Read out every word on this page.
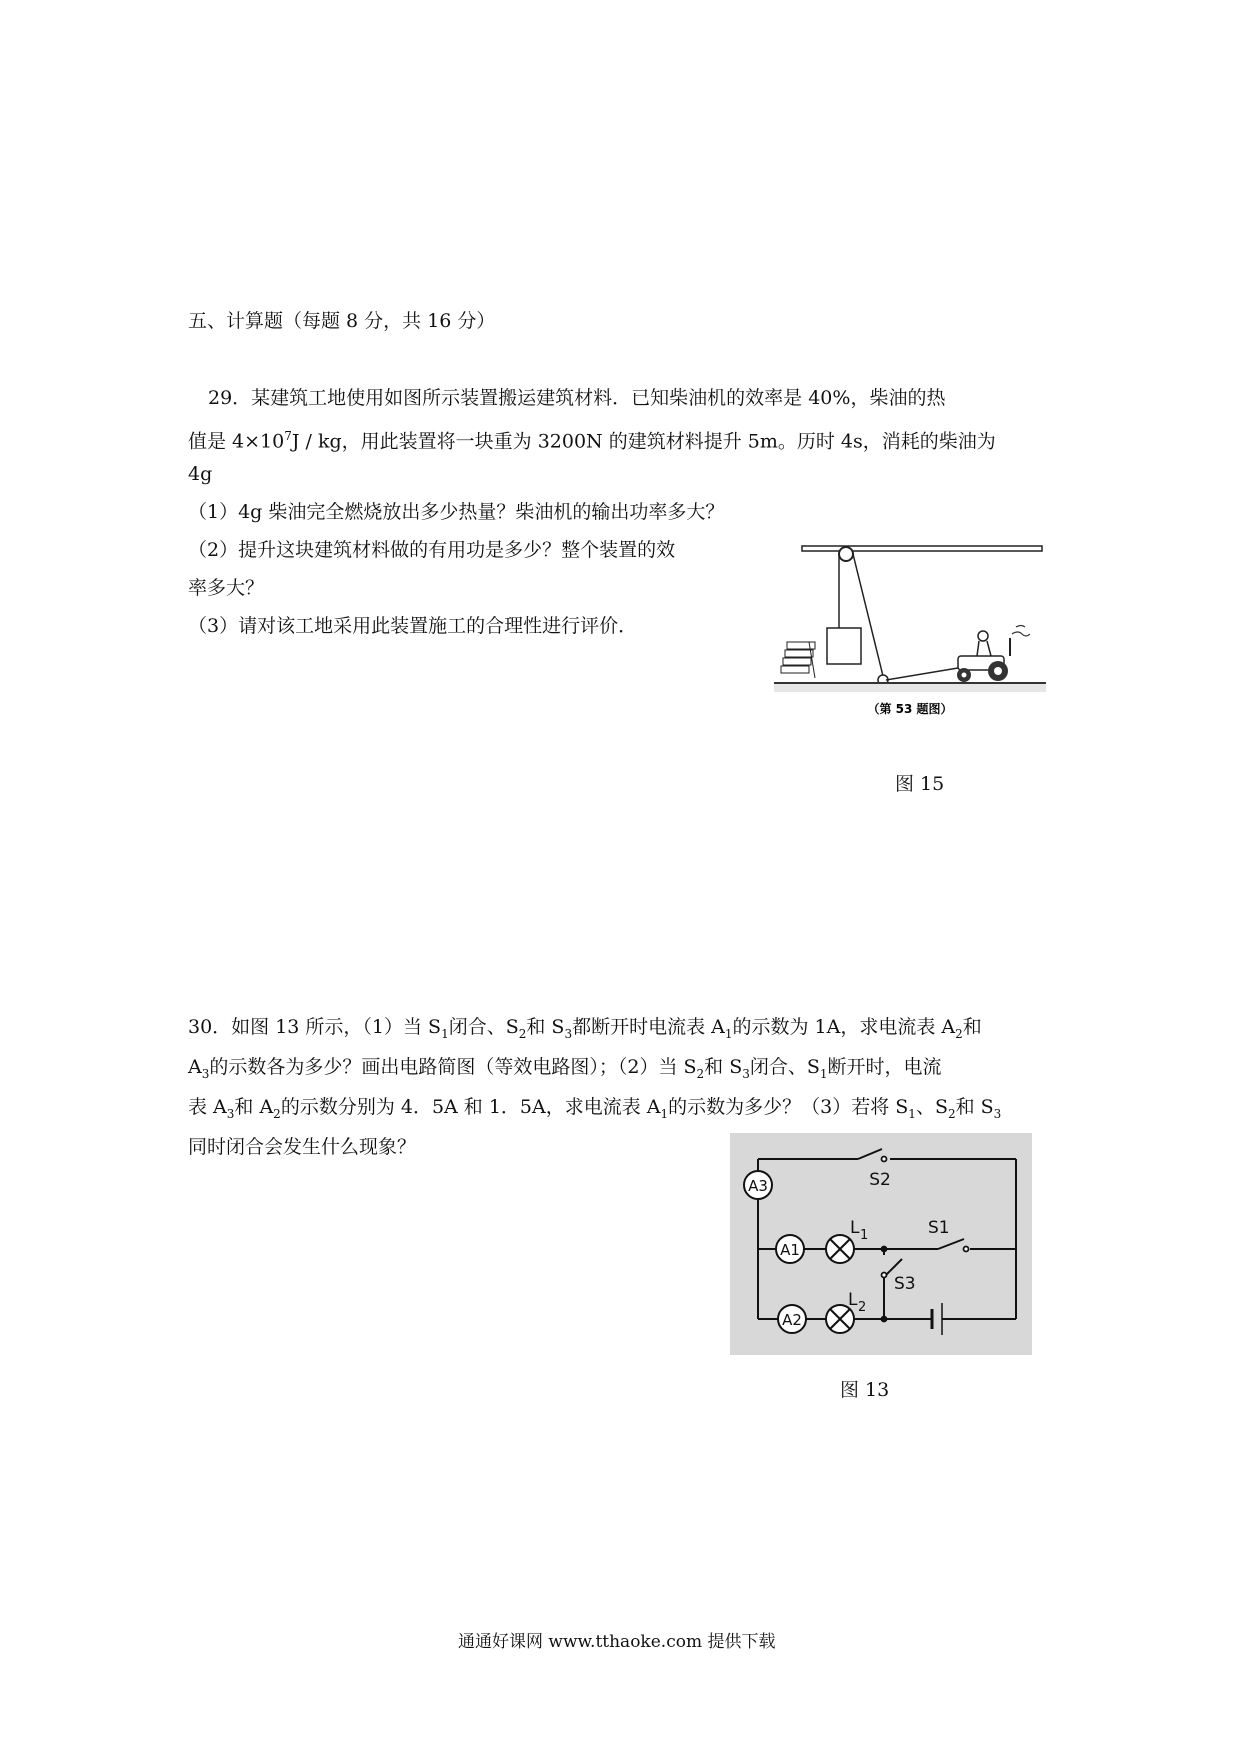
五、计算题（每题 8 分，共 16 分）
29．某建筑工地使用如图所示装置搬运建筑材料．已知柴油机的效率是 40%，柴油的热
值是 $4\times 10^7J$ / kg，用此装置将一块重为 3200N 的建筑材料提升 5m。历时 4s，消耗的柴油为
4g
（1）4g 柴油完全燃烧放出多少热量？柴油机的输出功率多大？
（2）提升这块建筑材料做的有用功是多少？整个装置的效
率多大？
（3）请对该工地采用此装置施工的合理性进行评价．
（第 53 题图）
图 15
30．如图 13 所示，（1）当 $S_1$闭合、$S_2$和 $S_3$都断开时电流表 $A_1$的示数为 1A，求电流表 $A_2$和
$A_3$的示数各为多少？画出电路简图（等效电路图）；（2）当 $S_2$和 $S_3$闭合、$S_1$断开时，电流
表 $A_3$和 $A_2$的示数分别为 4．5A 和 1．5A，求电流表 $A_1$的示数为多少？（3）若将 $S_1$、$S_2$和 $S_3$
同时闭合会发生什么现象？
A3
A1
A2
S2
S1
S3
L 1
L 2
图 13
通通好课网 www.tthaoke.com 提供下载
